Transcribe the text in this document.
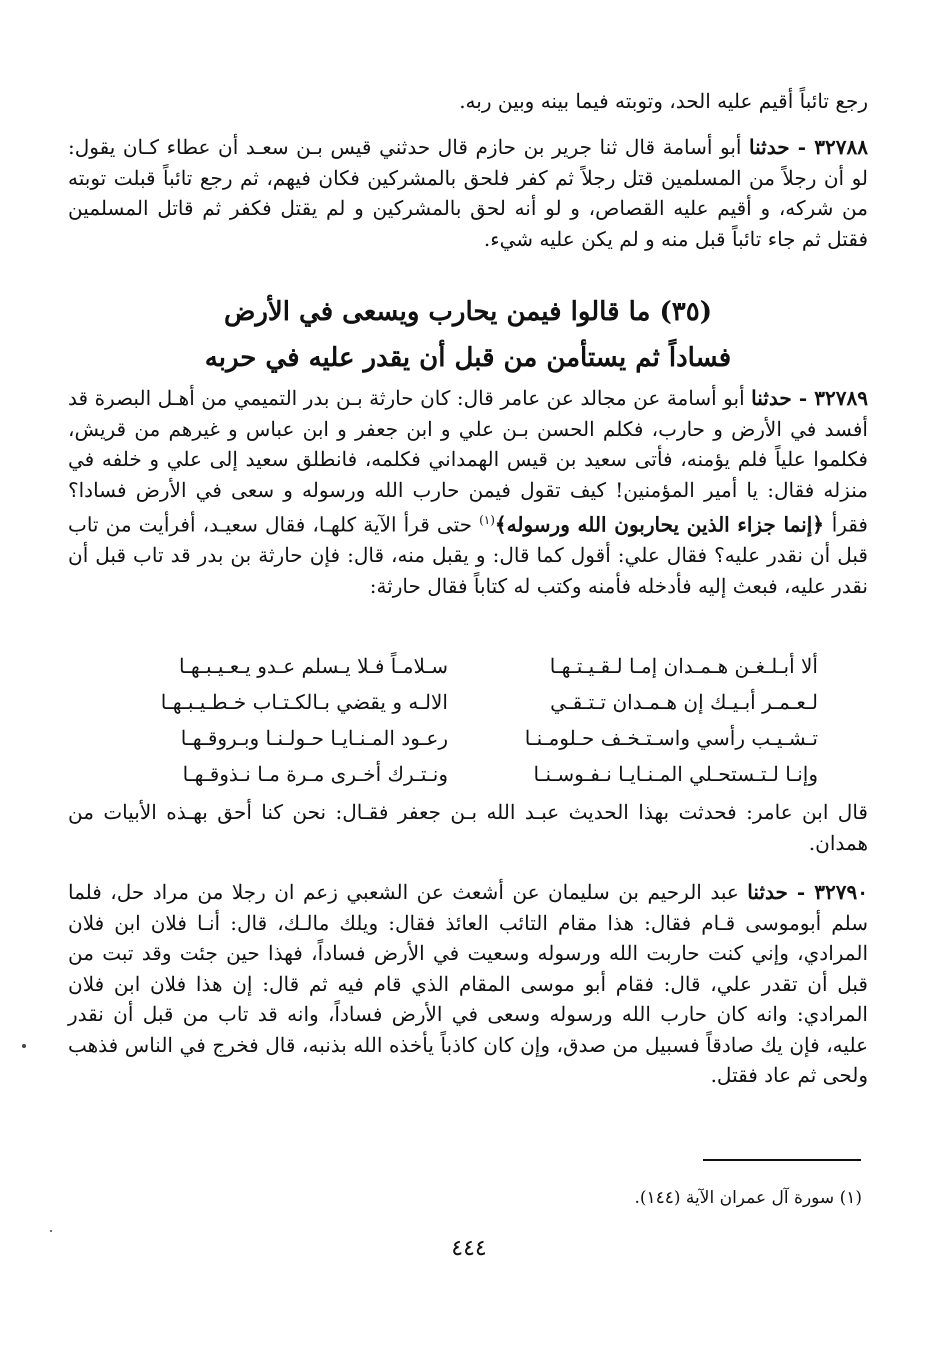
رجع تائباً أقيم عليه الحد، وتوبته فيما بينه وبين ربه.

٣٢٧٨٨ - حدثنا أبو أسامة قال ثنا جرير بن حازم قال حدثني قيس بـن سعـد أن عطاء كـان يقول: لو أن رجلاً من المسلمين قتل رجلاً ثم كفر فلحق بالمشركين فكان فيهم، ثم رجع تائباً قبلت توبته من شركه، و أقيم عليه القصاص، و لو أنه لحق بالمشركين و لم يقتل فكفر ثم قاتل المسلمين فقتل ثم جاء تائباً قبل منه و لم يكن عليه شيء.

(٣٥) ما قالوا فيمن يحارب ويسعى في الأرض
فساداً ثم يستأمن من قبل أن يقدر عليه في حربه

٣٢٧٨٩ - حدثنا أبو أسامة عن مجالد عن عامر قال: كان حارثة بـن بدر التميمي من أهـل البصرة قد أفسد في الأرض و حارب، فكلم الحسن بـن علي و ابن جعفر و ابن عباس و غيرهم من قريش، فكلموا علياً فلم يؤمنه، فأتى سعيد بن قيس الهمداني فكلمه، فانطلق سعيد إلى علي و خلفه في منزله فقال: يا أمير المؤمنين! كيف تقول فيمن حارب الله ورسوله و سعى في الأرض فسادا؟ فقرأ ﴿إنما جزاء الذين يحاربون الله ورسوله﴾$^{(١)}$ حتى قرأ الآية كلهـا، فقال سعيـد، أفرأيت من تاب قبل أن نقدر عليه؟ فقال علي: أقول كما قال: و يقبل منه، قال: فإن حارثة بن بدر قد تاب قبل أن نقدر عليه، فبعث إليه فأدخله فأمنه وكتب له كتاباً فقال حارثة:

ألا أبـلـغـن هـمـدان إمـا لـقـيـتـهـا
سـلامـاً فـلا يـسلم عـدو يـعـيـبـهـا
لـعـمـر أبـيـك إن هـمـدان تـتـقـي
الالـه و يقضي بـالكـتـاب خـطـيـبـهـا
تـشـيـب رأسي واسـتـخـف حـلومـنـا
رعـود المـنـايـا حـولـنـا وبـروقـهـا
وإنـا لـتـستحـلي المـنـايـا نـفـوسـنـا
ونـتـرك أخـرى مـرة مـا نـذوقـهـا

قال ابن عامر: فحدثت بهذا الحديث عبـد الله بـن جعفر فقـال: نحن كنا أحق بهـذه الأبيات من همدان.

٣٢٧٩٠ - حدثنا عبد الرحيم بن سليمان عن أشعث عن الشعبي زعم ان رجلا من مراد حل، فلما سلم أبوموسى قـام فقال: هذا مقام التائب العائذ فقال: ويلك مالـك، قال: أنـا فلان ابن فلان المرادي، وإني كنت حاربت الله ورسوله وسعيت في الأرض فساداً، فهذا حين جئت وقد تبت من قبل أن تقدر علي، قال: فقام أبو موسى المقام الذي قام فيه ثم قال: إن هذا فلان ابن فلان المرادي: وانه كان حارب الله ورسوله وسعى في الأرض فساداً، وانه قد تاب من قبل أن نقدر عليه، فإن يك صادقاً فسبيل من صدق، وإن كان كاذباً يأخذه الله بذنبه، قال فخرج في الناس فذهب ولحى ثم عاد فقتل.

(١) سورة آل عمران الآية (١٤٤).
٤٤٤
